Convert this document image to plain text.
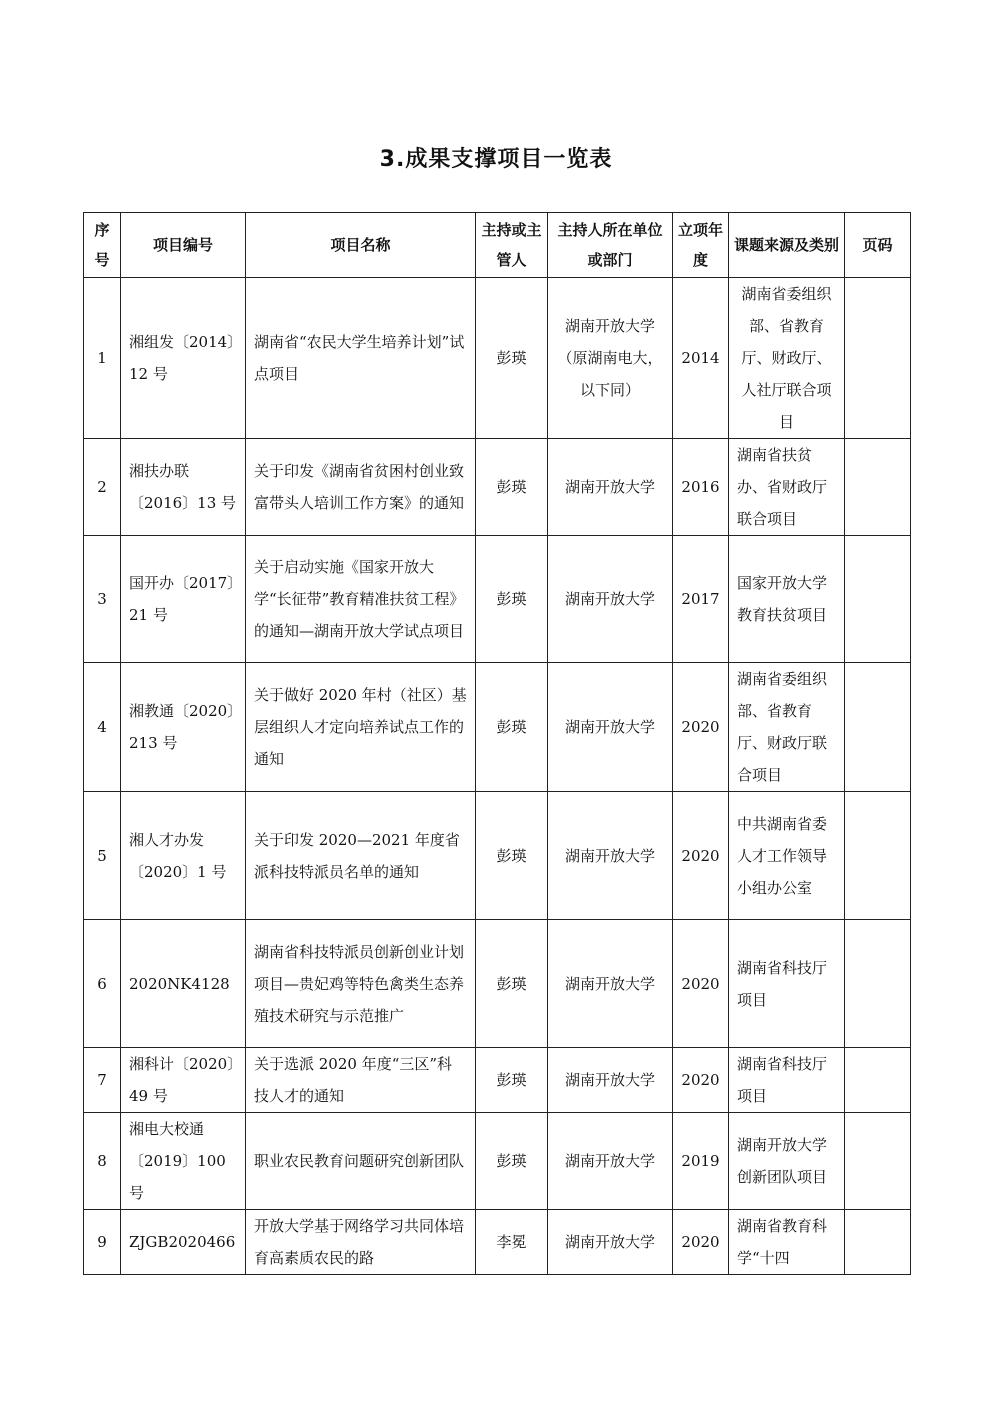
3.成果支撑项目一览表
序号	项目编号	项目名称	主持或主管人	主持人所在单位或部门	立项年度	课题来源及类别	页码
1	湘组发〔2014〕12 号	湖南省“农民大学生培养计划”试点项目	彭瑛	湖南开放大学（原湖南电大，以下同）	2014	湖南省委组织部、省教育厅、财政厅、人社厅联合项目	
2	湘扶办联〔2016〕13 号	关于印发《湖南省贫困村创业致富带头人培训工作方案》的通知	彭瑛	湖南开放大学	2016	湖南省扶贫办、省财政厅联合项目	
3	国开办〔2017〕21 号	关于启动实施《国家开放大学“长征带”教育精准扶贫工程》的通知—湖南开放大学试点项目	彭瑛	湖南开放大学	2017	国家开放大学教育扶贫项目	
4	湘教通〔2020〕213 号	关于做好 2020 年村（社区）基层组织人才定向培养试点工作的通知	彭瑛	湖南开放大学	2020	湖南省委组织部、省教育厅、财政厅联合项目	
5	湘人才办发〔2020〕1 号	关于印发 2020—2021 年度省派科技特派员名单的通知	彭瑛	湖南开放大学	2020	中共湖南省委人才工作领导小组办公室	
6	2020NK4128	湖南省科技特派员创新创业计划项目—贵妃鸡等特色禽类生态养殖技术研究与示范推广	彭瑛	湖南开放大学	2020	湖南省科技厅项目	
7	湘科计〔2020〕49 号	关于选派 2020 年度“三区”科技人才的通知	彭瑛	湖南开放大学	2020	湖南省科技厅项目	
8	湘电大校通〔2019〕100 号	职业农民教育问题研究创新团队	彭瑛	湖南开放大学	2019	湖南开放大学创新团队项目	
9	ZJGB2020466	开放大学基于网络学习共同体培育高素质农民的路	李冕	湖南开放大学	2020	湖南省教育科学“十四	
